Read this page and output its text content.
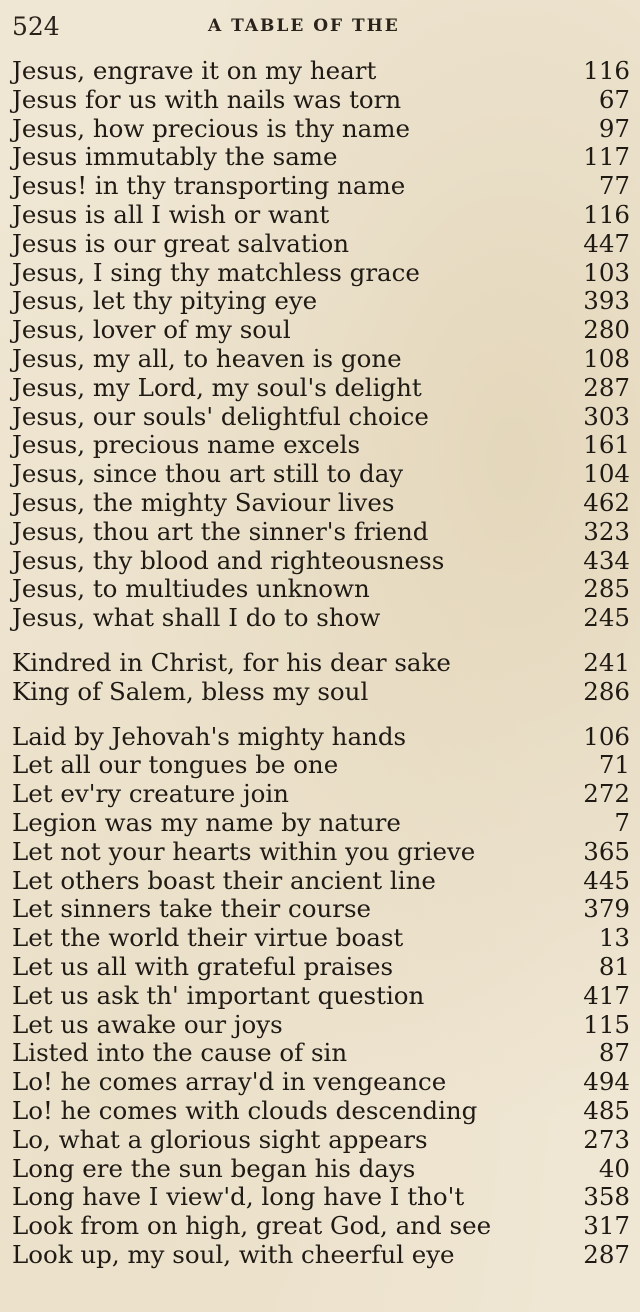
524	A TABLE OF THE
Jesus, engrave it on my heart	116
Jesus for us with nails was torn	67
Jesus, how precious is thy name	97
Jesus immutably the same	117
Jesus! in thy transporting name	77
Jesus is all I wish or want	116
Jesus is our great salvation	447
Jesus, I sing thy matchless grace	103
Jesus, let thy pitying eye	393
Jesus, lover of my soul	280
Jesus, my all, to heaven is gone	108
Jesus, my Lord, my soul's delight	287
Jesus, our souls' delightful choice	303
Jesus, precious name excels	161
Jesus, since thou art still to day	104
Jesus, the mighty Saviour lives	462
Jesus, thou art the sinner's friend	323
Jesus, thy blood and righteousness	434
Jesus, to multiudes unknown	285
Jesus, what shall I do to show	245
Kindred in Christ, for his dear sake	241
King of Salem, bless my soul	286
Laid by Jehovah's mighty hands	106
Let all our tongues be one	71
Let ev'ry creature join	272
Legion was my name by nature	7
Let not your hearts within you grieve	365
Let others boast their ancient line	445
Let sinners take their course	379
Let the world their virtue boast	13
Let us all with grateful praises	81
Let us ask th' important question	417
Let us awake our joys	115
Listed into the cause of sin	87
Lo! he comes array'd in vengeance	494
Lo! he comes with clouds descending	485
Lo, what a glorious sight appears	273
Long ere the sun began his days	40
Long have I view'd, long have I tho't	358
Look from on high, great God, and see	317
Look up, my soul, with cheerful eye	287
